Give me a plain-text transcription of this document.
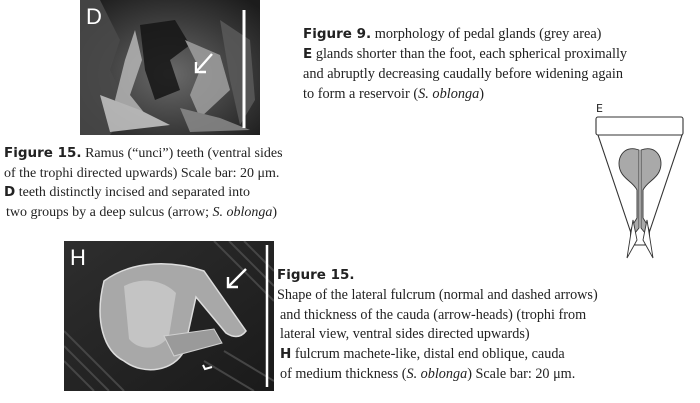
D
Figure 9. morphology of pedal glands (grey area)
E glands shorter than the foot, each spherical proximally
and abruptly decreasing caudally before widening again
to form a reservoir (S. oblonga)
E
Figure 15. Ramus (“unci”) teeth (ventral sides
of the trophi directed upwards) Scale bar: 20 μm.
D teeth distinctly incised and separated into
two groups by a deep sulcus (arrow; S. oblonga)
H
Figure 15.
Shape of the lateral fulcrum (normal and dashed arrows)
and thickness of the cauda (arrow-heads) (trophi from
lateral view, ventral sides directed upwards)
H fulcrum machete-like, distal end oblique, cauda
of medium thickness (S. oblonga) Scale bar: 20 μm.
